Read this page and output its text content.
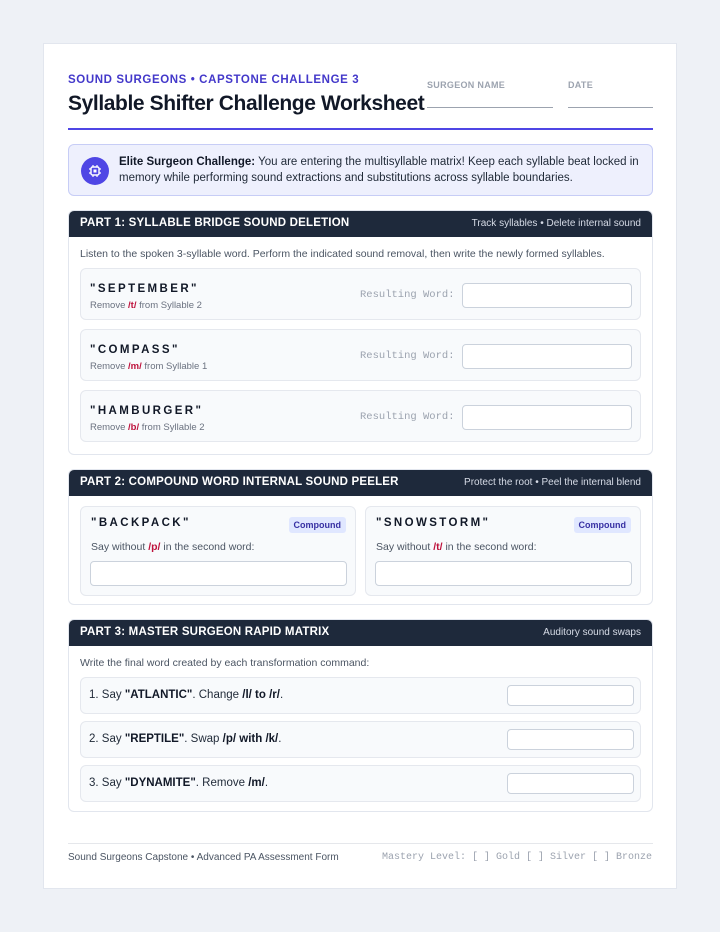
SOUND SURGEONS • CAPSTONE CHALLENGE 3
Syllable Shifter Challenge Worksheet
SURGEON NAME	DATE
Elite Surgeon Challenge: You are entering the multisyllable matrix! Keep each syllable beat locked in memory while performing sound extractions and substitutions across syllable boundaries.
PART 1: SYLLABLE BRIDGE SOUND DELETION	Track syllables • Delete internal sound
Listen to the spoken 3-syllable word. Perform the indicated sound removal, then write the newly formed syllables.
"SEPTEMBER"
Remove /t/ from Syllable 2
Resulting Word:
"COMPASS"
Remove /m/ from Syllable 1
Resulting Word:
"HAMBURGER"
Remove /b/ from Syllable 2
Resulting Word:
PART 2: COMPOUND WORD INTERNAL SOUND PEELER	Protect the root • Peel the internal blend
"BACKPACK"	Compound
Say without /p/ in the second word:
"SNOWSTORM"	Compound
Say without /t/ in the second word:
PART 3: MASTER SURGEON RAPID MATRIX	Auditory sound swaps
Write the final word created by each transformation command:
1. Say "ATLANTIC". Change /l/ to /r/.
2. Say "REPTILE". Swap /p/ with /k/.
3. Say "DYNAMITE". Remove /m/.
Sound Surgeons Capstone • Advanced PA Assessment Form	Mastery Level: [ ] Gold [ ] Silver [ ] Bronze
